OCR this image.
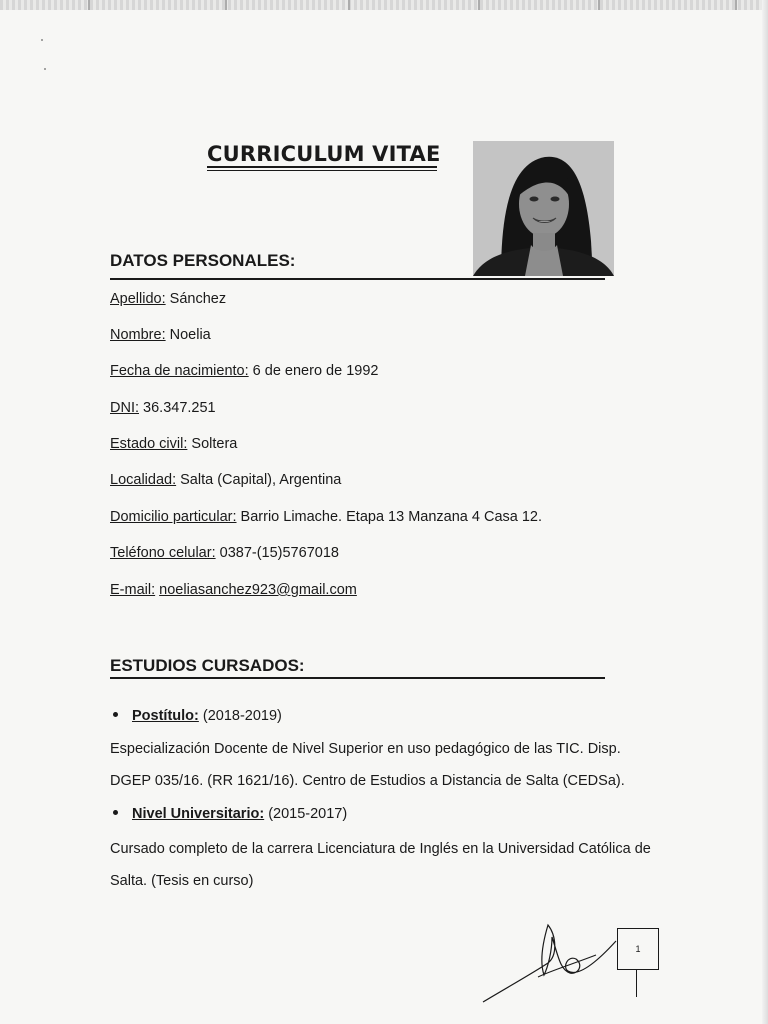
CURRICULUM VITAE
DATOS PERSONALES:
Apellido: Sánchez
Nombre: Noelia
Fecha de nacimiento: 6 de enero de 1992
DNI: 36.347.251
Estado civil: Soltera
Localidad: Salta (Capital), Argentina
Domicilio particular: Barrio Limache. Etapa 13 Manzana 4 Casa 12.
Teléfono celular: 0387-(15)5767018
E-mail: noeliasanchez923@gmail.com
ESTUDIOS CURSADOS:
Postítulo: (2018-2019)
Especialización Docente de Nivel Superior en uso pedagógico de las TIC. Disp.
DGEP 035/16. (RR 1621/16). Centro de Estudios a Distancia de Salta (CEDSa).
Nivel Universitario: (2015-2017)
Cursado completo de la carrera Licenciatura de Inglés en la Universidad Católica de
Salta. (Tesis en curso)
1
